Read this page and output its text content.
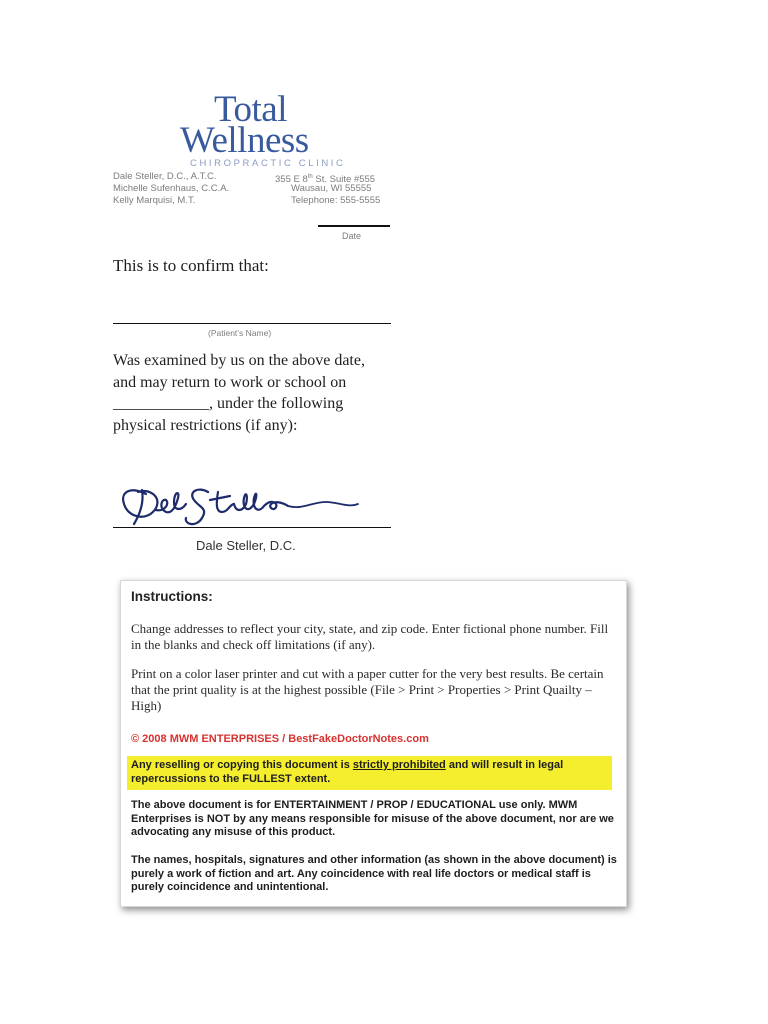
Total
Wellness
CHIROPRACTIC CLINIC
Dale Steller, D.C., A.T.C.
Michelle Sufenhaus, C.C.A.
Kelly Marquisi, M.T.
355 E 8th St. Suite #555
Wausau, WI 55555
Telephone: 555-5555
Date
This is to confirm that:
(Patient’s Name)
Was examined by us on the above date,
and may return to work or school on
____________, under the following
physical restrictions (if any):
Dale Steller, D.C.
Instructions:
Change addresses to reflect your city, state, and zip code. Enter fictional phone number. Fill in the blanks and check off limitations (if any).
Print on a color laser printer and cut with a paper cutter for the very best results. Be certain that the print quality is at the highest possible (File > Print > Properties > Print Quailty – High)
© 2008 MWM ENTERPRISES / BestFakeDoctorNotes.com
Any reselling or copying this document is strictly prohibited and will result in legal repercussions to the FULLEST extent.
The above document is for ENTERTAINMENT / PROP / EDUCATIONAL use only. MWM Enterprises is NOT by any means responsible for misuse of the above document, nor are we advocating any misuse of this product.
The names, hospitals, signatures and other information (as shown in the above document) is purely a work of fiction and art. Any coincidence with real life doctors or medical staff is purely coincidence and unintentional.
